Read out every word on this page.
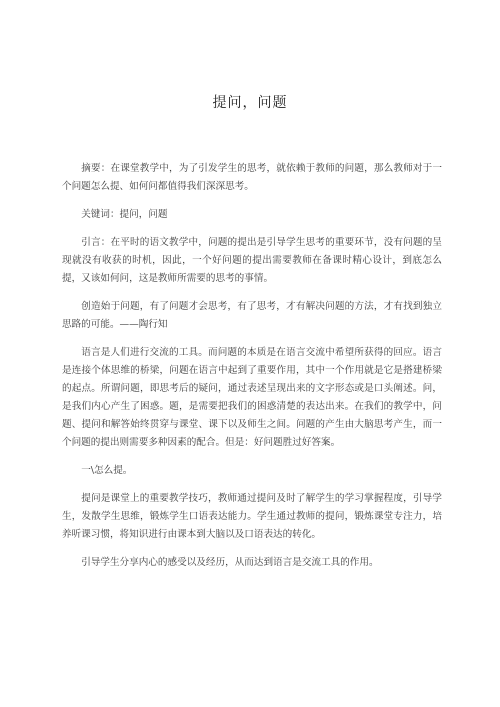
提问，问题

摘要：在课堂教学中，为了引发学生的思考，就依赖于教师的问题，那么教师对于一个问题怎么提、如何问都值得我们深深思考。

关键词：提问，问题

引言：在平时的语文教学中，问题的提出是引导学生思考的重要环节，没有问题的呈现就没有收获的时机，因此，一个好问题的提出需要教师在备课时精心设计，到底怎么提，又该如何问，这是教师所需要的思考的事情。

创造始于问题，有了问题才会思考，有了思考，才有解决问题的方法，才有找到独立思路的可能。——陶行知

语言是人们进行交流的工具。而问题的本质是在语言交流中希望所获得的回应。语言是连接个体思维的桥梁，问题在语言中起到了重要作用，其中一个作用就是它是搭建桥梁的起点。所谓问题，即思考后的疑问，通过表述呈现出来的文字形态或是口头阐述。问，是我们内心产生了困惑。题，是需要把我们的困惑清楚的表达出来。在我们的教学中，问题、提问和解答始终贯穿与课堂、课下以及师生之间。问题的产生由大脑思考产生，而一个问题的提出则需要多种因素的配合。但是：好问题胜过好答案。

一\怎么提。

提问是课堂上的重要教学技巧，教师通过提问及时了解学生的学习掌握程度，引导学生，发散学生思维，锻炼学生口语表达能力。学生通过教师的提问，锻炼课堂专注力，培养听课习惯，将知识进行由课本到大脑以及口语表达的转化。

引导学生分享内心的感受以及经历，从而达到语言是交流工具的作用。
